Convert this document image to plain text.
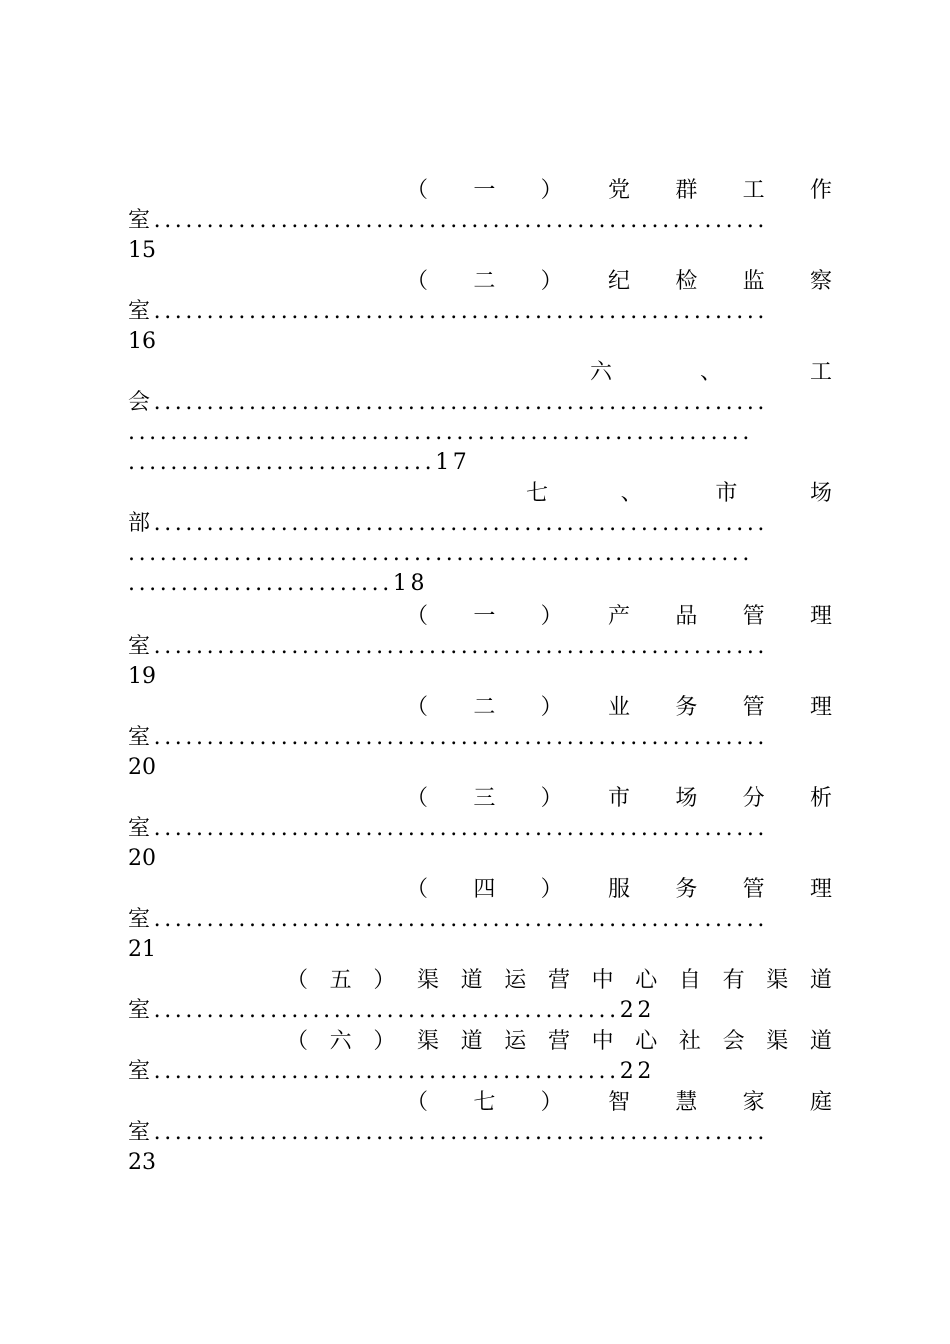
（ 一 ） 党 群 工 作
室..........................................................
15
（ 二 ） 纪 检 监 察
室..........................................................
16
六	、	工
会..........................................................
...........................................................
.............................17
七	、	市	场
部..........................................................
...........................................................
.........................18
（ 一 ） 产 品 管 理
室..........................................................
19
（ 二 ） 业 务 管 理
室..........................................................
20
（ 三 ） 市 场 分 析
室..........................................................
20
（ 四 ） 服 务 管 理
室..........................................................
21
（ 五 ） 渠 道 运 营 中 心 自 有 渠 道
室............................................22
（ 六 ） 渠 道 运 营 中 心 社 会 渠 道
室............................................22
（ 七 ） 智 慧 家 庭
室..........................................................
23
